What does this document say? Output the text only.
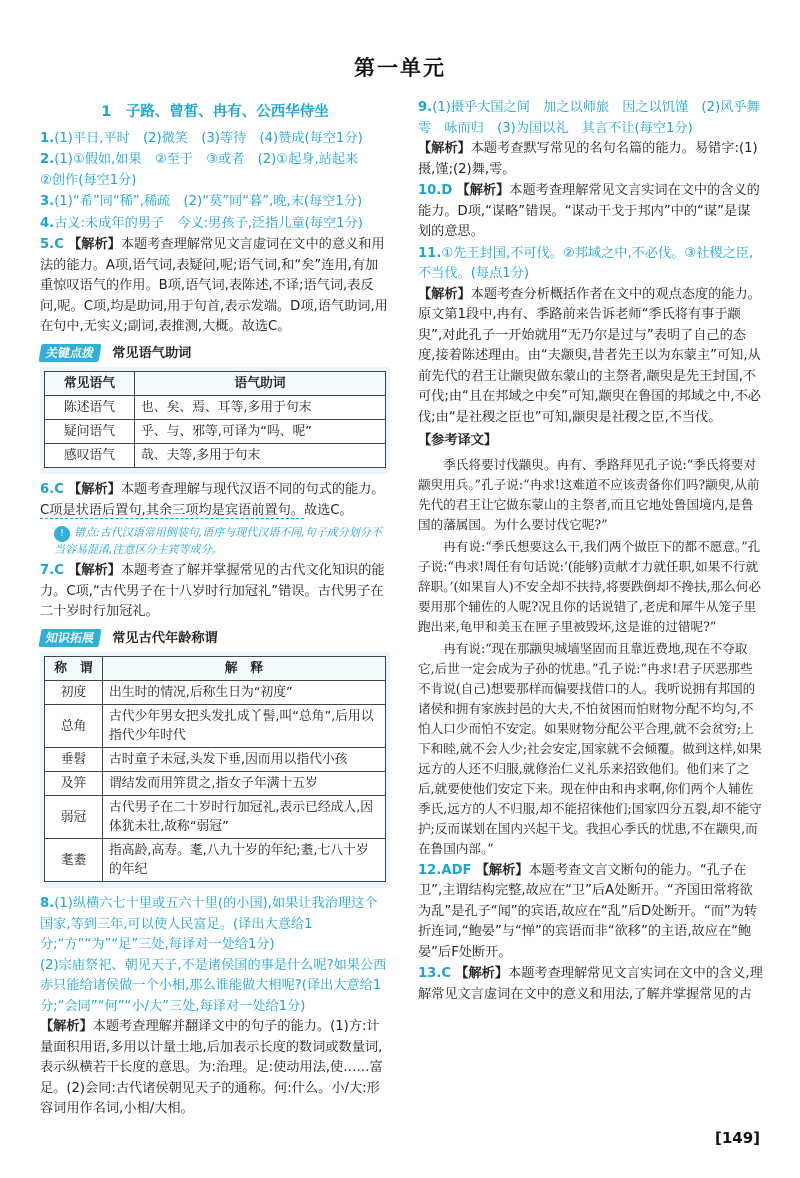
第一单元
1　子路、曾皙、冉有、公西华侍坐
1.(1)平日,平时　(2)微笑　(3)等待　(4)赞成(每空1分)
2.(1)①假如,如果　②至于　③或者　(2)①起身,站起来
②创作(每空1分)
3.(1)“希”同“稀”,稀疏　(2)“莫”同“暮”,晚,末(每空1分)
4.古义:未成年的男子　今义:男孩子,泛指儿童(每空1分)
5.C 【解析】本题考查理解常见文言虚词在文中的意义和用法的能力。A项,语气词,表疑问,呢;语气词,和“矣”连用,有加重惊叹语气的作用。B项,语气词,表陈述,不译;语气词,表反问,呢。C项,均是助词,用于句首,表示发端。D项,语气助词,用在句中,无实义;副词,表推测,大概。故选C。
关键点拨 常见语气助词
常见语气	语气助词
陈述语气	也、矣、焉、耳等,多用于句末
疑问语气	乎、与、邪等,可译为“吗、呢”
感叹语气	哉、夫等,多用于句末
6.C 【解析】本题考查理解与现代汉语不同的句式的能力。C项是状语后置句,其余三项均是宾语前置句。故选C。
! 错点:古代汉语常用倒装句,语序与现代汉语不同,句子成分划分不当容易混淆,注意区分主宾等成分。
7.C 【解析】本题考查了解并掌握常见的古代文化知识的能力。C项,“古代男子在十八岁时行加冠礼”错误。古代男子在二十岁时行加冠礼。
知识拓展 常见古代年龄称谓
称　谓	解　释
初度	出生时的情况,后称生日为“初度”
总角	古代少年男女把头发扎成丫髻,叫“总角”,后用以指代少年时代
垂髫	古时童子未冠,头发下垂,因而用以指代小孩
及笄	谓结发而用笄贯之,指女子年满十五岁
弱冠	古代男子在二十岁时行加冠礼,表示已经成人,因体犹未壮,故称“弱冠”
耄耋	指高龄,高寿。耄,八九十岁的年纪;耋,七八十岁的年纪
8.(1)纵横六七十里或五六十里(的小国),如果让我治理这个国家,等到三年,可以使人民富足。(译出大意给1分;“方”“为”“足”三处,每译对一处给1分)
(2)宗庙祭祀、朝见天子,不是诸侯国的事是什么呢?如果公西赤只能给诸侯做一个小相,那么谁能做大相呢?(译出大意给1分;“会同”“何”“小/大”三处,每译对一处给1分)
【解析】本题考查理解并翻译文中的句子的能力。(1)方:计量面积用语,多用以计量土地,后加表示长度的数词或数量词,表示纵横若干长度的意思。为:治理。足:使动用法,使……富足。(2)会同:古代诸侯朝见天子的通称。何:什么。小/大:形容词用作名词,小相/大相。
9.(1)摄乎大国之间　加之以师旅　因之以饥馑　(2)风乎舞
雩　咏而归　(3)为国以礼　其言不让(每空1分)
【解析】本题考查默写常见的名句名篇的能力。易错字:(1)摄,馑;(2)舞,雩。
10.D 【解析】本题考查理解常见文言实词在文中的含义的能力。D项,“谋略”错误。“谋动干戈于邦内”中的“谋”是谋划的意思。
11.①先王封国,不可伐。②邦域之中,不必伐。③社稷之臣,
不当伐。(每点1分)
【解析】本题考查分析概括作者在文中的观点态度的能力。原文第1段中,冉有、季路前来告诉老师“季氏将有事于颛臾”,对此孔子一开始就用“无乃尔是过与”表明了自己的态度,接着陈述理由。由“夫颛臾,昔者先王以为东蒙主”可知,从前先代的君王让颛臾做东蒙山的主祭者,颛臾是先王封国,不可伐;由“且在邦域之中矣”可知,颛臾在鲁国的邦域之中,不必伐;由“是社稷之臣也”可知,颛臾是社稷之臣,不当伐。
【参考译文】
季氏将要讨伐颛臾。冉有、季路拜见孔子说:“季氏将要对颛臾用兵。”孔子说:“冉求!这难道不应该责备你们吗?颛臾,从前先代的君王让它做东蒙山的主祭者,而且它地处鲁国境内,是鲁国的藩属国。为什么要讨伐它呢?”
冉有说:“季氏想要这么干,我们两个做臣下的都不愿意。”孔子说:“冉求!周任有句话说:‘(能够)贡献才力就任职,如果不行就辞职。’(如果盲人)不安全却不扶持,将要跌倒却不搀扶,那么何必要用那个辅佐的人呢?况且你的话说错了,老虎和犀牛从笼子里跑出来,龟甲和美玉在匣子里被毁坏,这是谁的过错呢?”
冉有说:“现在那颛臾城墙坚固而且靠近费地,现在不夺取它,后世一定会成为子孙的忧患。”孔子说:“冉求!君子厌恶那些不肯说(自己)想要那样而偏要找借口的人。我听说拥有邦国的诸侯和拥有家族封邑的大夫,不怕贫困而怕财物分配不均匀,不怕人口少而怕不安定。如果财物分配公平合理,就不会贫穷;上下和睦,就不会人少;社会安定,国家就不会倾覆。做到这样,如果远方的人还不归服,就修治仁义礼乐来招致他们。他们来了之后,就要使他们安定下来。现在仲由和冉求啊,你们两个人辅佐季氏,远方的人不归服,却不能招徕他们;国家四分五裂,却不能守护;反而谋划在国内兴起干戈。我担心季氏的忧患,不在颛臾,而在鲁国内部。”
12.ADF 【解析】本题考查文言文断句的能力。“孔子在卫”,主谓结构完整,故应在“卫”后A处断开。“齐国田常将欲为乱”是孔子“闻”的宾语,故应在“乱”后D处断开。“而”为转折连词,“鲍晏”与“惮”的宾语而非“欲移”的主语,故应在“鲍晏”后F处断开。
13.C 【解析】本题考查理解常见文言实词在文中的含义,理解常见文言虚词在文中的意义和用法,了解并掌握常见的古
[149]
